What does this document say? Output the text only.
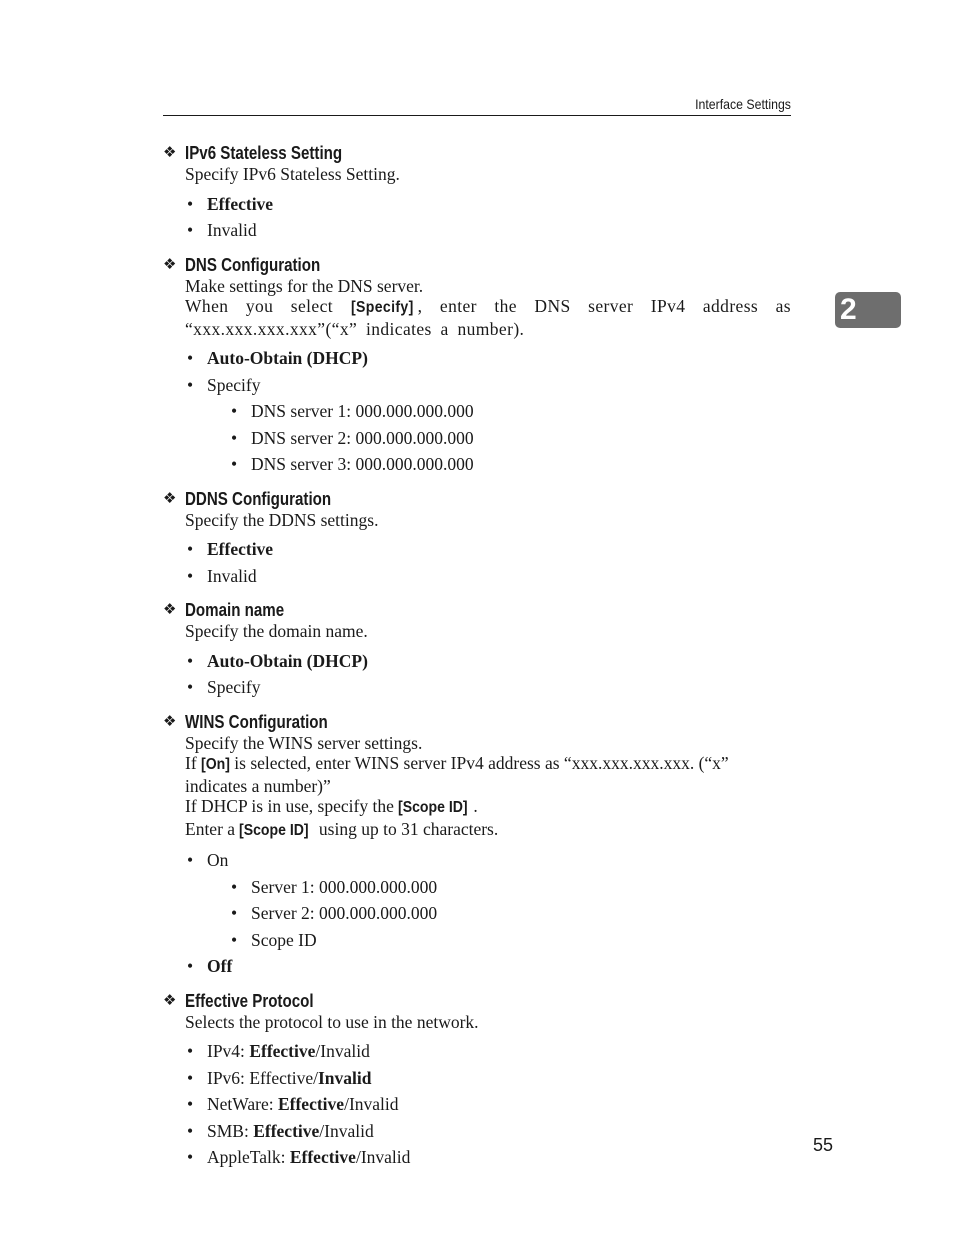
Interface Settings
2
❖ IPv6 Stateless Setting

Specify IPv6 Stateless Setting.

• Effective
• Invalid
❖ DNS Configuration

Make settings for the DNS server.

When you select [Specify] , enter the DNS server IPv4 address as “xxx.xxx.xxx.xxx”(“x” indicates a number).

• Auto-Obtain (DHCP)
• Specify
• DNS server 1: 000.000.000.000
• DNS server 2: 000.000.000.000
• DNS server 3: 000.000.000.000
❖ DDNS Configuration

Specify the DDNS settings.

• Effective
• Invalid
❖ Domain name

Specify the domain name.

• Auto-Obtain (DHCP)
• Specify
❖ WINS Configuration

Specify the WINS server settings.

If [On] is selected, enter WINS server IPv4 address as “xxx.xxx.xxx.xxx. (“x” indicates a number)”

If DHCP is in use, specify the [Scope ID] .

Enter a [Scope ID] using up to 31 characters.

• On
• Server 1: 000.000.000.000
• Server 2: 000.000.000.000
• Scope ID
• Off
❖ Effective Protocol

Selects the protocol to use in the network.

• IPv4: Effective/Invalid
• IPv6: Effective/Invalid
• NetWare: Effective/Invalid
• SMB: Effective/Invalid
• AppleTalk: Effective/Invalid
55
